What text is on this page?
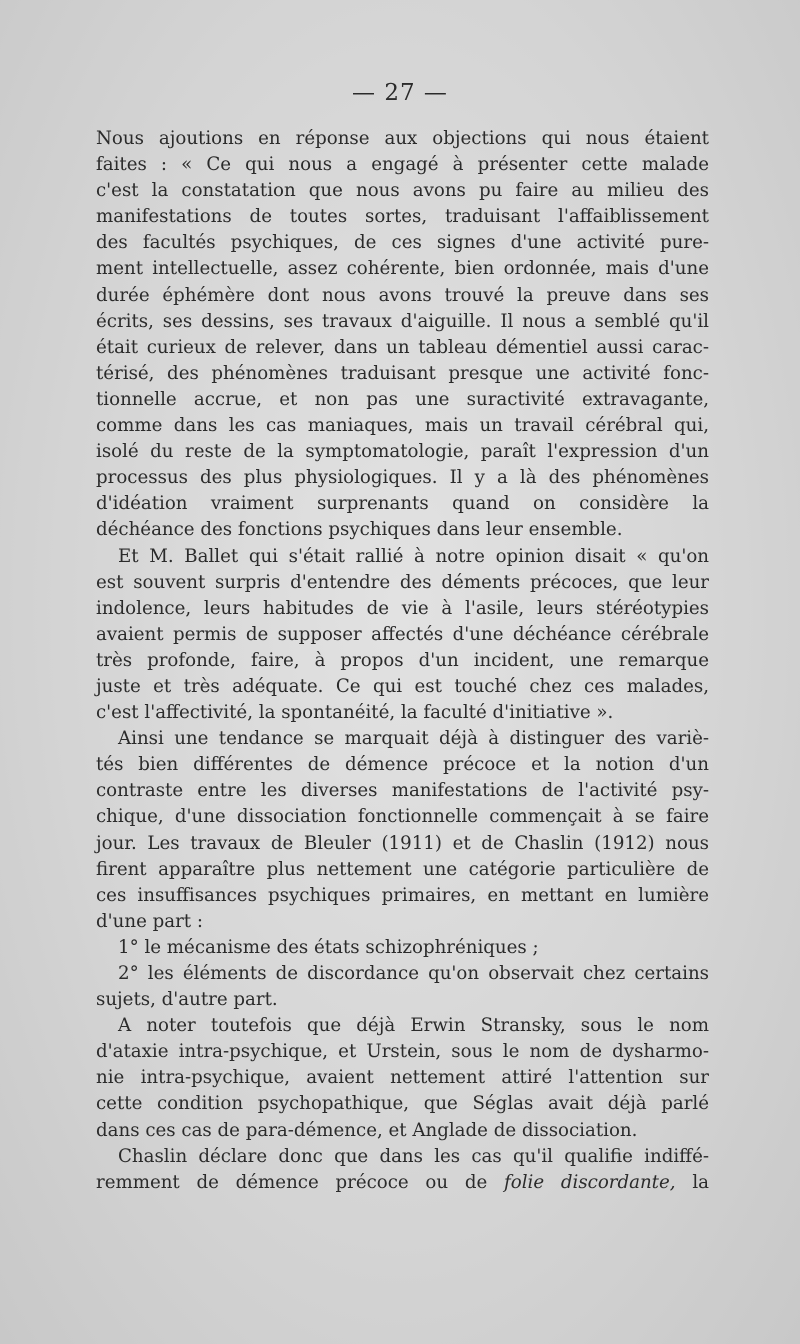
— 27 —
Nous ajoutions en réponse aux objections qui nous étaient
faites : « Ce qui nous a engagé à présenter cette malade
c'est la constatation que nous avons pu faire au milieu des
manifestations de toutes sortes, traduisant l'affaiblissement
des facultés psychiques, de ces signes d'une activité pure-
ment intellectuelle, assez cohérente, bien ordonnée, mais d'une
durée éphémère dont nous avons trouvé la preuve dans ses
écrits, ses dessins, ses travaux d'aiguille. Il nous a semblé qu'il
était curieux de relever, dans un tableau démentiel aussi carac-
térisé, des phénomènes traduisant presque une activité fonc-
tionnelle accrue, et non pas une suractivité extravagante,
comme dans les cas maniaques, mais un travail cérébral qui,
isolé du reste de la symptomatologie, paraît l'expression d'un
processus des plus physiologiques. Il y a là des phénomènes
d'idéation vraiment surprenants quand on considère la
déchéance des fonctions psychiques dans leur ensemble.
Et M. Ballet qui s'était rallié à notre opinion disait « qu'on
est souvent surpris d'entendre des déments précoces, que leur
indolence, leurs habitudes de vie à l'asile, leurs stéréotypies
avaient permis de supposer affectés d'une déchéance cérébrale
très profonde, faire, à propos d'un incident, une remarque
juste et très adéquate. Ce qui est touché chez ces malades,
c'est l'affectivité, la spontanéité, la faculté d'initiative ».
Ainsi une tendance se marquait déjà à distinguer des variè-
tés bien différentes de démence précoce et la notion d'un
contraste entre les diverses manifestations de l'activité psy-
chique, d'une dissociation fonctionnelle commençait à se faire
jour. Les travaux de Bleuler (1911) et de Chaslin (1912) nous
firent apparaître plus nettement une catégorie particulière de
ces insuffisances psychiques primaires, en mettant en lumière
d'une part :
1° le mécanisme des états schizophréniques ;
2° les éléments de discordance qu'on observait chez certains
sujets, d'autre part.
A noter toutefois que déjà Erwin Stransky, sous le nom
d'ataxie intra-psychique, et Urstein, sous le nom de dysharmo-
nie intra-psychique, avaient nettement attiré l'attention sur
cette condition psychopathique, que Séglas avait déjà parlé
dans ces cas de para-démence, et Anglade de dissociation.
Chaslin déclare donc que dans les cas qu'il qualifie indiffé-
remment de démence précoce ou de folie discordante, la
